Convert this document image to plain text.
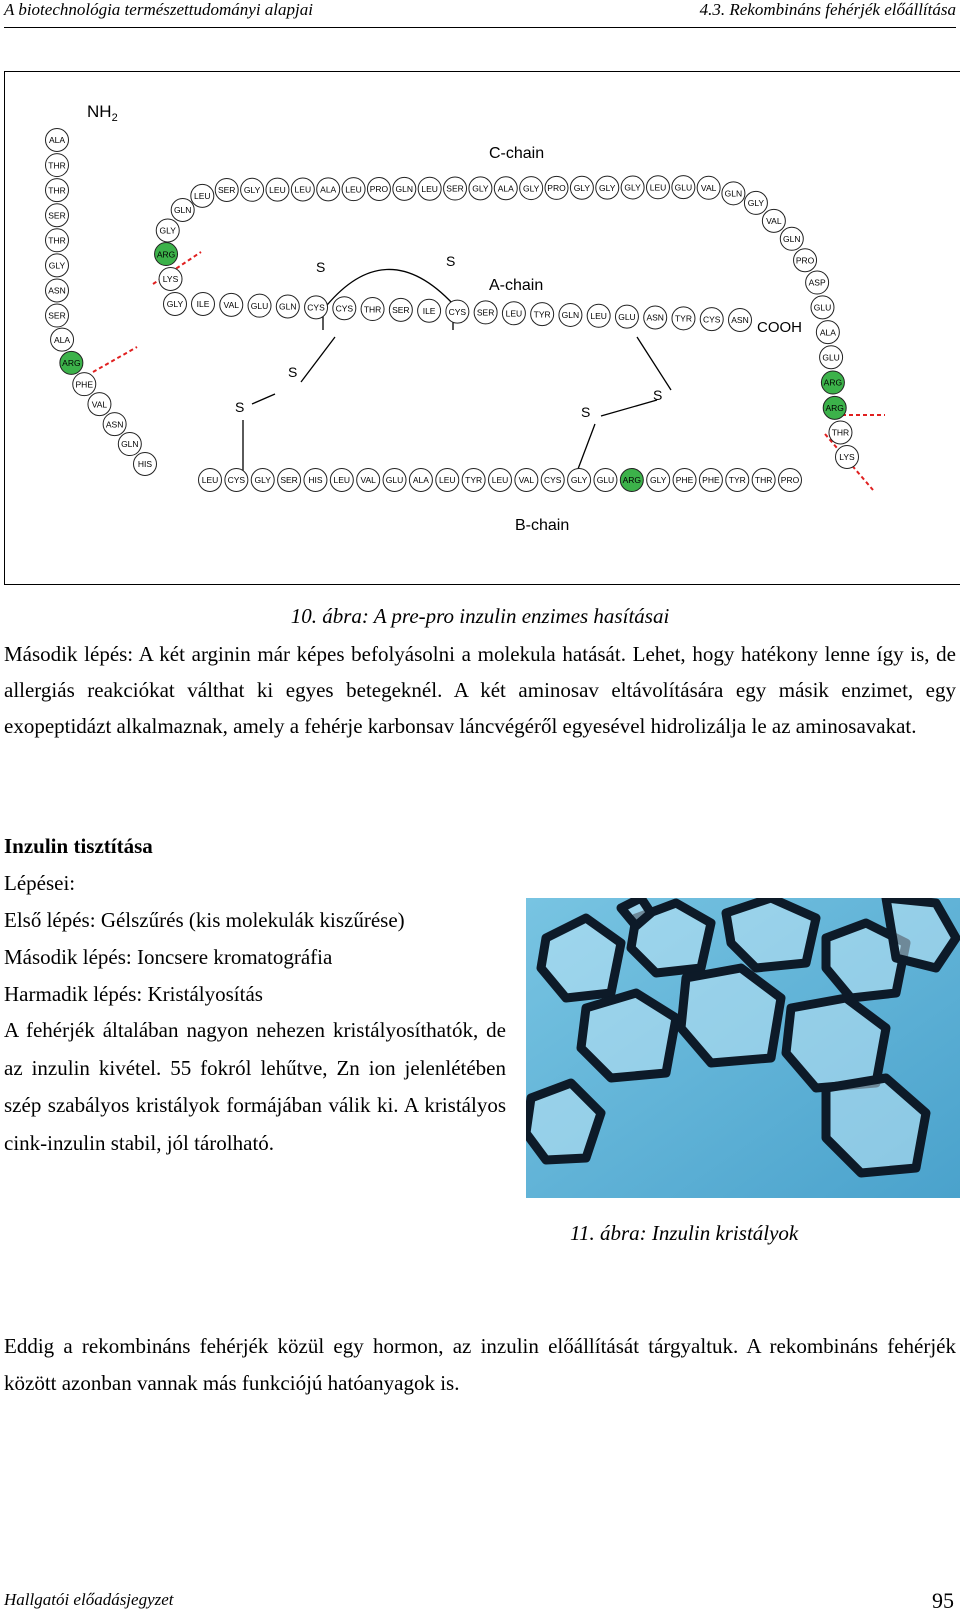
A biotechnológia természettudományi alapjai	4.3. Rekombináns fehérjék előállítása
$NH_2$
C-chain
A-chain
B-chain
COOH
S	S
S
S
S
S
ALA
THR
THR
SER
THR
GLY
ASN
SER
ALA
ARG
PHE
VAL
ASN
GLN
HIS
GLY
LYS
ARG
GLY
GLN
LEU
SER GLY LEU LEU ALA LEU PRO GLN LEU SER GLY ALA GLY PRO GLY GLY GLY LEU GLU VAL
GLN
GLY
VAL
GLN
PRO
ASP
GLU
ALA
GLU
ARG
ARG
THR
LYS
ILE VAL GLU GLN CYS CYS THR SER ILE CYS SER LEU TYR GLN LEU GLU ASN TYR CYS ASN
LEU CYS GLY SER HIS LEU VAL GLU ALA LEU TYR LEU VAL CYS GLY GLU ARG GLY PHE PHE TYR THR PRO
10. ábra: A pre-pro inzulin enzimes hasításai
Második lépés: A két arginin már képes befolyásolni a molekula hatását. Lehet, hogy hatékony lenne így is, de allergiás reakciókat válthat ki egyes betegeknél. A két aminosav eltávolítására egy másik enzimet, egy exopeptidázt alkalmaznak, amely a fehérje karbonsav láncvégéről egyesével hidrolizálja le az aminosavakat.
Inzulin tisztítása
Lépései:
Első lépés: Gélszűrés (kis molekulák kiszűrése)
Második lépés: Ioncsere kromatográfia
Harmadik lépés: Kristályosítás
A fehérjék általában nagyon nehezen kristályosíthatók, de az inzulin kivétel. 55 fokról lehűtve, Zn ion jelenlétében szép szabályos kristályok formájában válik ki. A kristályos cink-inzulin stabil, jól tárolható.
11. ábra: Inzulin kristályok
Eddig a rekombináns fehérjék közül egy hormon, az inzulin előállítását tárgyaltuk. A rekombináns fehérjék között azonban vannak más funkciójú hatóanyagok is.
Hallgatói előadásjegyzet	95
